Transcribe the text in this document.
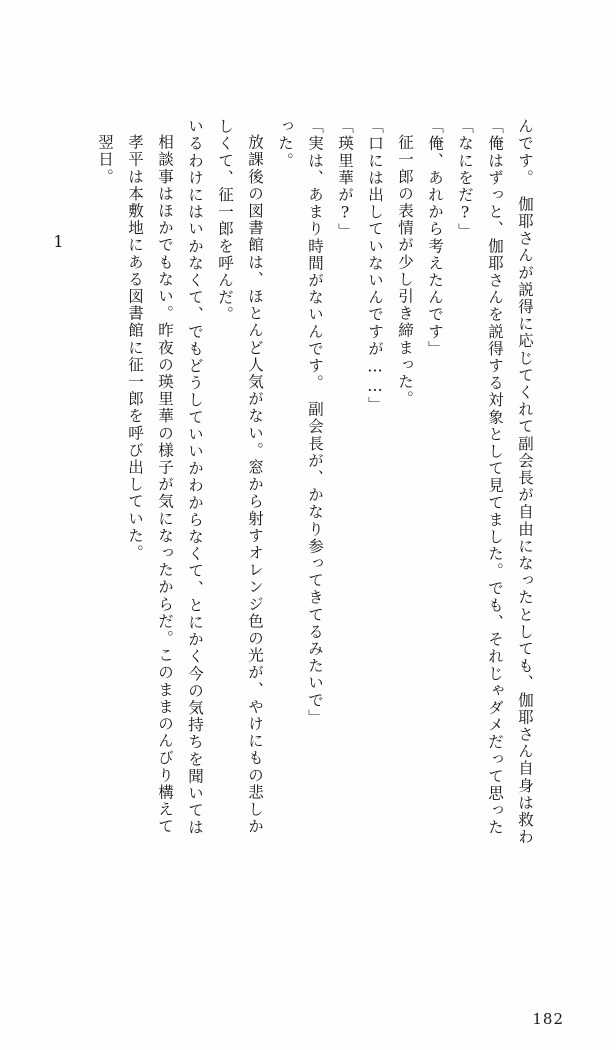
1

翌日。 孝平は本敷地にある図書館に征一郎を呼び出していた。 相談事はほかでもない。昨夜の瑛里華の様子が気になったからだ。このままのんびり構えて いるわけにはいかなくて、でもどうしていいかわからなくて、とにかく今の気持ちを聞いては しくて、征一郎を呼んだ。 放課後の図書館は、ほとんど人気がない。窓から射すオレンジ色の光が、やけにもの悲しか った。 「実は、あまり時間がないんです。　副会長が、かなり参ってきてるみたいで」 「瑛里華が?」 「口には出していないんですが……」 征一郎の表情が少し引き締まった。 「俺、あれから考えたんです」 「なにをだ?」 「俺はずっと、伽耶さんを説得する対象として見てました。でも、それじゃダメだって思った んです。　伽耶さんが説得に応じてくれて副会長が自由になったとしても、伽耶さん自身は救わ
182
